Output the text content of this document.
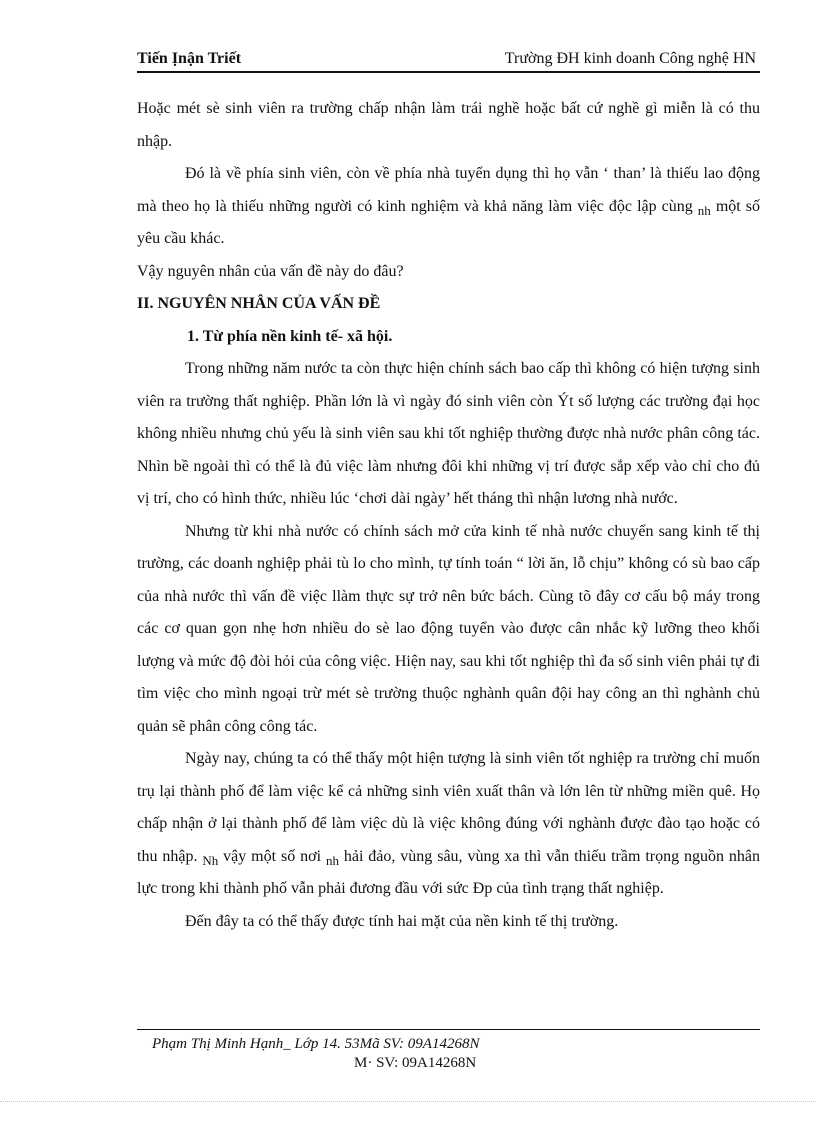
Tiến Ịnận Triết	Trường ĐH kinh doanh Công nghệ HN

Hoặc mét sè sinh viên ra trường chấp nhận làm trái nghề hoặc bất cứ nghề gì miễn là có thu nhập.

Đó là về phía sinh viên, còn về phía nhà tuyển dụng thì họ vẫn ‘ than’ là thiếu lao động mà theo họ là thiếu những người có kinh nghiệm và khả năng làm việc độc lập cùng $_{nh}$ một số yêu cầu khác.

Vậy nguyên nhân của vấn đề này do đâu?

II. NGUYÊN NHÂN CỦA VẤN ĐỀ

1. Từ phía nền kinh tế- xã hội.

Trong những năm nước ta còn thực hiện chính sách bao cấp thì không có hiện tượng sinh viên ra trường thất nghiệp. Phần lớn là vì ngày đó sinh viên còn Ýt số lượng các trường đại học không nhiều nhưng chủ yếu là sinh viên sau khi tốt nghiệp thường được nhà nước phân công tác. Nhìn bề ngoài thì có thể là đủ việc làm nhưng đôi khi những vị trí được sắp xếp vào chỉ cho đủ vị trí, cho có hình thức, nhiều lúc ‘chơi dài ngày’ hết tháng thì nhận lương nhà nước.

Nhưng từ khi nhà nước có chính sách mở cửa kinh tế nhà nước chuyển sang kinh tế thị trường, các doanh nghiệp phải tù lo cho mình, tự tính toán “ lời ăn, lỗ chịu” không có sù bao cấp của nhà nước thì vấn đề việc llàm thực sự trở nên bức bách. Cùng tõ đây cơ cấu bộ máy trong các cơ quan gọn nhẹ hơn nhiều do sè lao động tuyển vào được cân nhắc kỹ lưỡng theo khối lượng và mức độ đòi hỏi của công việc. Hiện nay, sau khi tốt nghiệp thì đa số sinh viên phải tự đi tìm việc cho mình ngoại trừ mét sè trường thuộc nghành quân đội hay công an thì nghành chủ quản sẽ phân công công tác.

Ngày nay, chúng ta có thể thấy một hiện tượng là sinh viên tốt nghiệp ra trường chỉ muốn trụ lại thành phố để làm việc kể cả những sinh viên xuất thân và lớn lên từ những miền quê. Họ chấp nhận ở lại thành phố để làm việc dù là việc không đúng với nghành được đào tạo hoặc có thu nhập. $_{Nh}$ vậy một số nơi $_{nh}$ hải đảo, vùng sâu, vùng xa thì vẫn thiếu trầm trọng nguồn nhân lực trong khi thành phố vẫn phải đương đầu với sức Ðp của tình trạng thất nghiệp.

Đến đây ta có thể thấy được tính hai mặt của nền kinh tế thị trường.

Phạm Thị Minh Hạnh_ Lớp 14. 53Mã SV: 09A14268N
M· SV: 09A14268N
